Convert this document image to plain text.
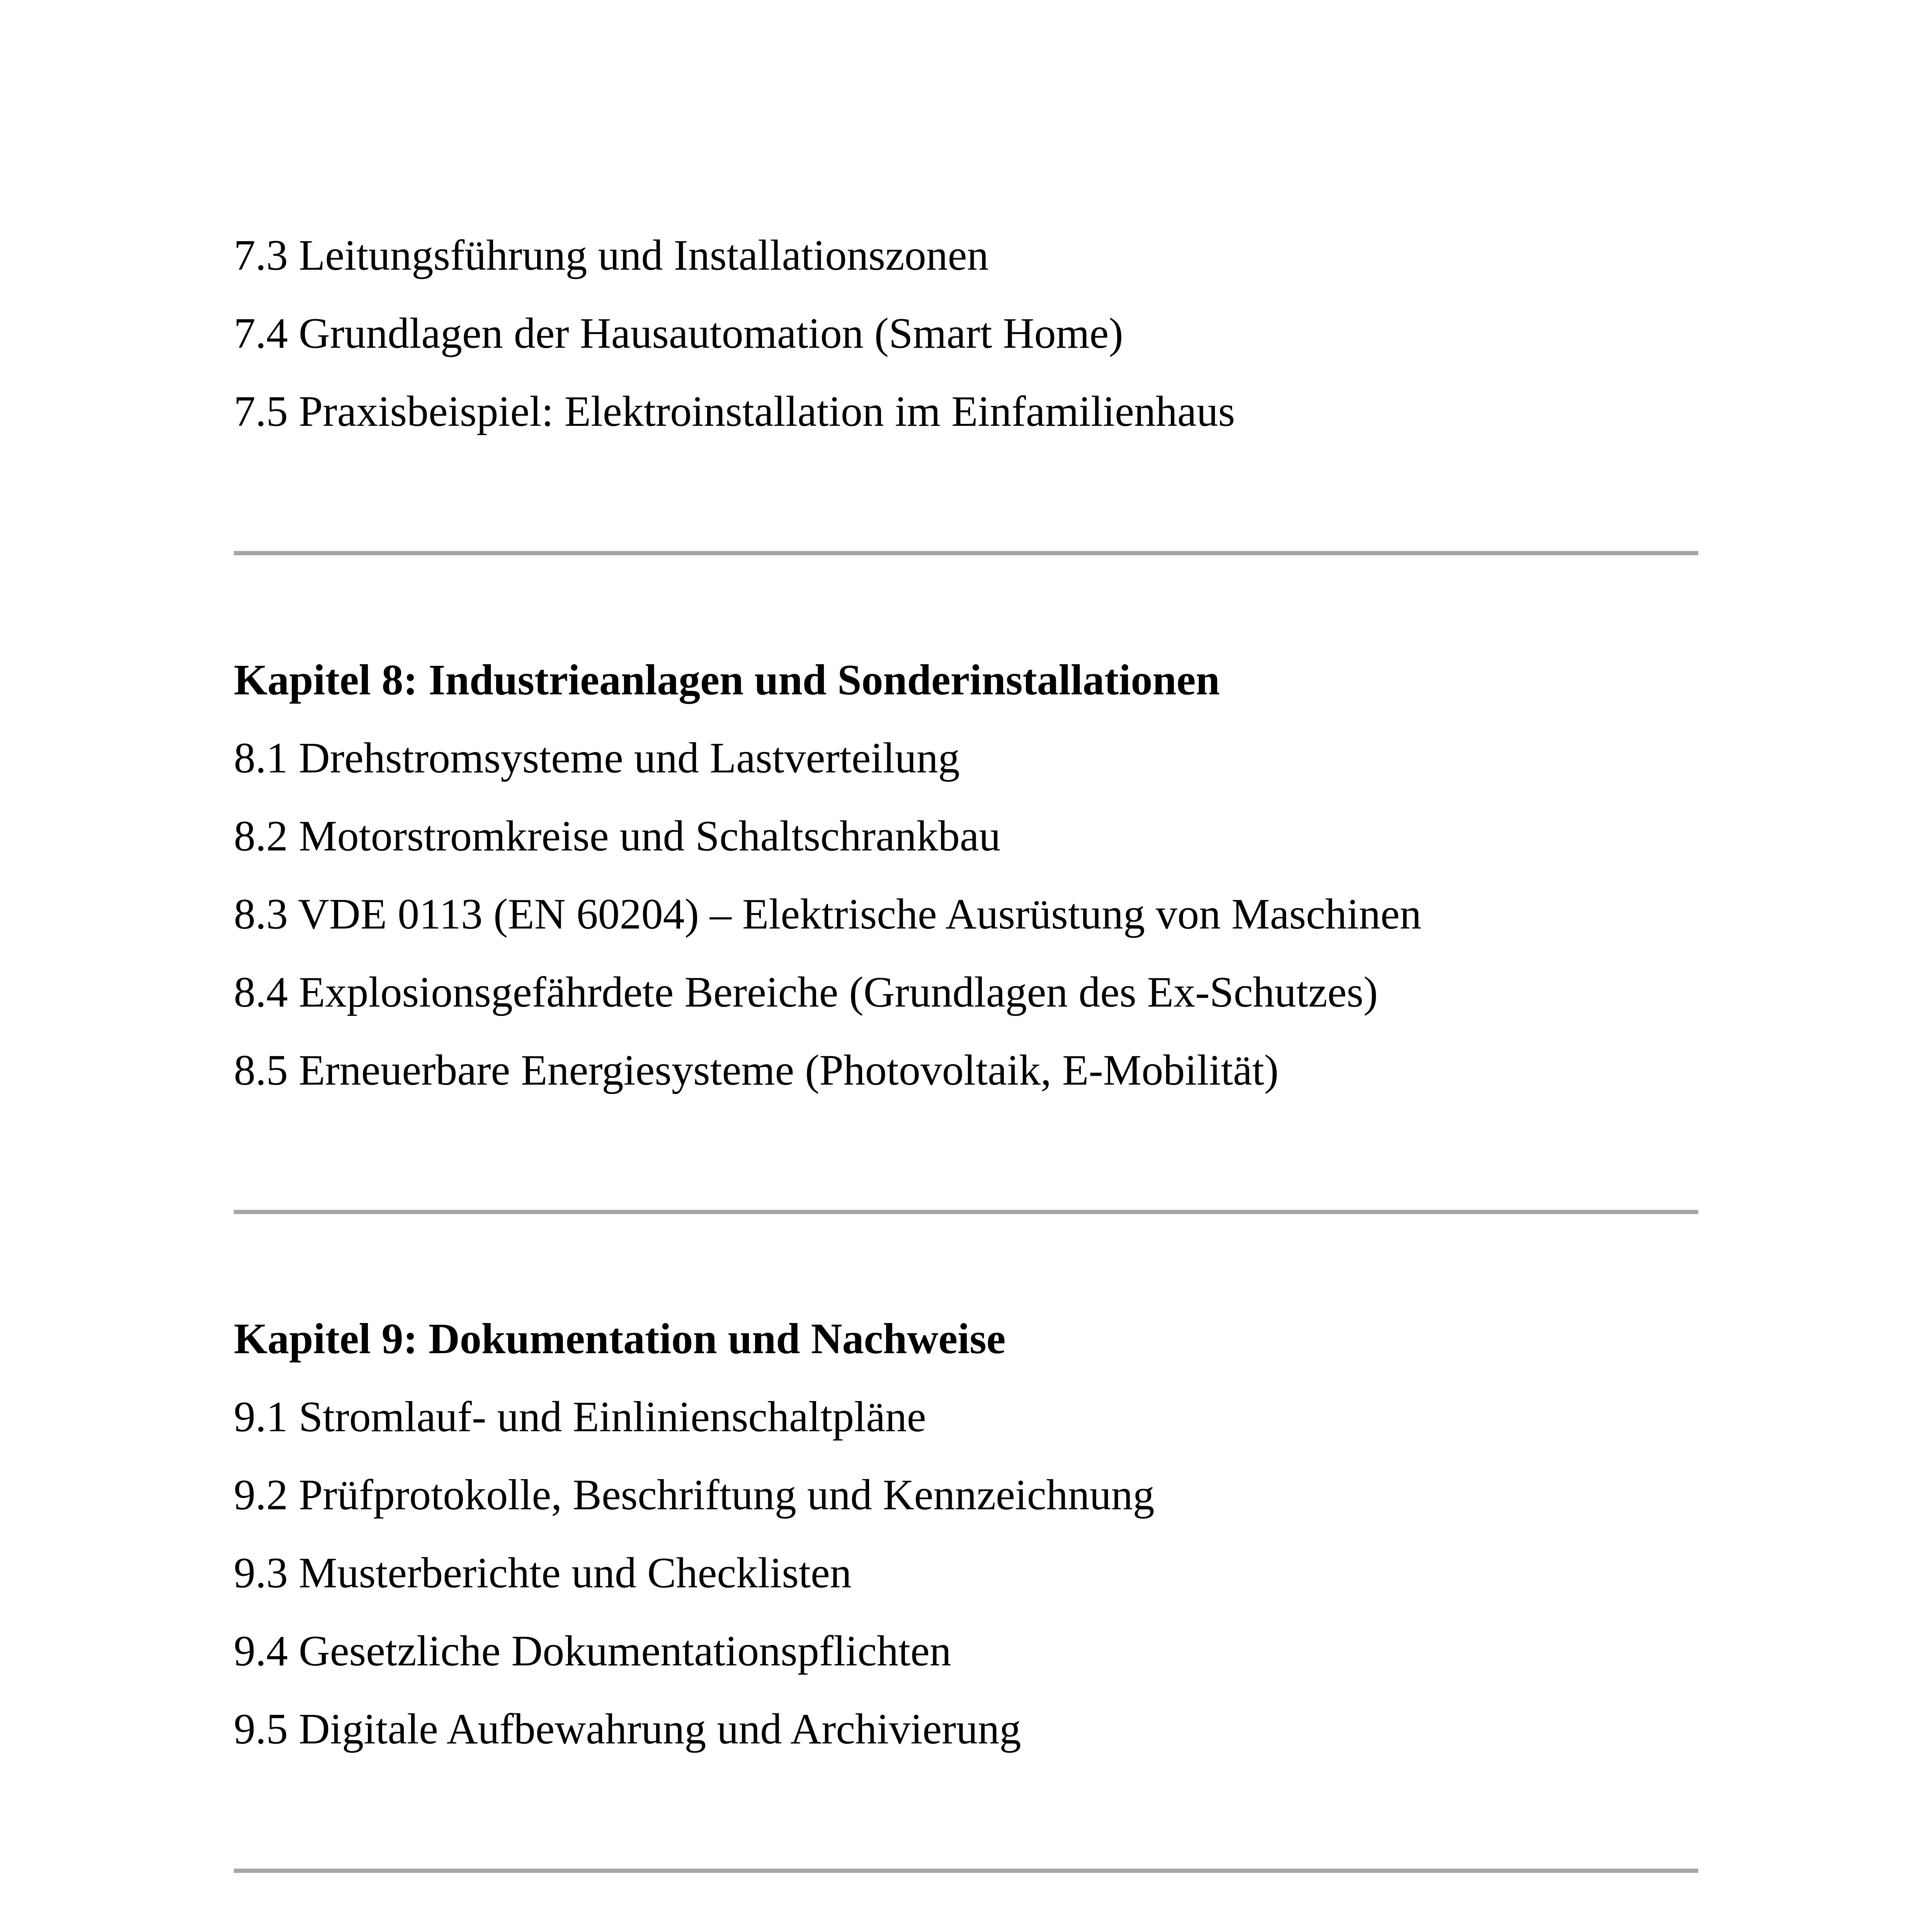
7.3 Leitungsführung und Installationszonen
7.4 Grundlagen der Hausautomation (Smart Home)
7.5 Praxisbeispiel: Elektroinstallation im Einfamilienhaus
Kapitel 8: Industrieanlagen und Sonderinstallationen
8.1 Drehstromsysteme und Lastverteilung
8.2 Motorstromkreise und Schaltschrankbau
8.3 VDE 0113 (EN 60204) – Elektrische Ausrüstung von Maschinen
8.4 Explosionsgefährdete Bereiche (Grundlagen des Ex-Schutzes)
8.5 Erneuerbare Energiesysteme (Photovoltaik, E-Mobilität)
Kapitel 9: Dokumentation und Nachweise
9.1 Stromlauf- und Einlinienschaltpläne
9.2 Prüfprotokolle, Beschriftung und Kennzeichnung
9.3 Musterberichte und Checklisten
9.4 Gesetzliche Dokumentationspflichten
9.5 Digitale Aufbewahrung und Archivierung
